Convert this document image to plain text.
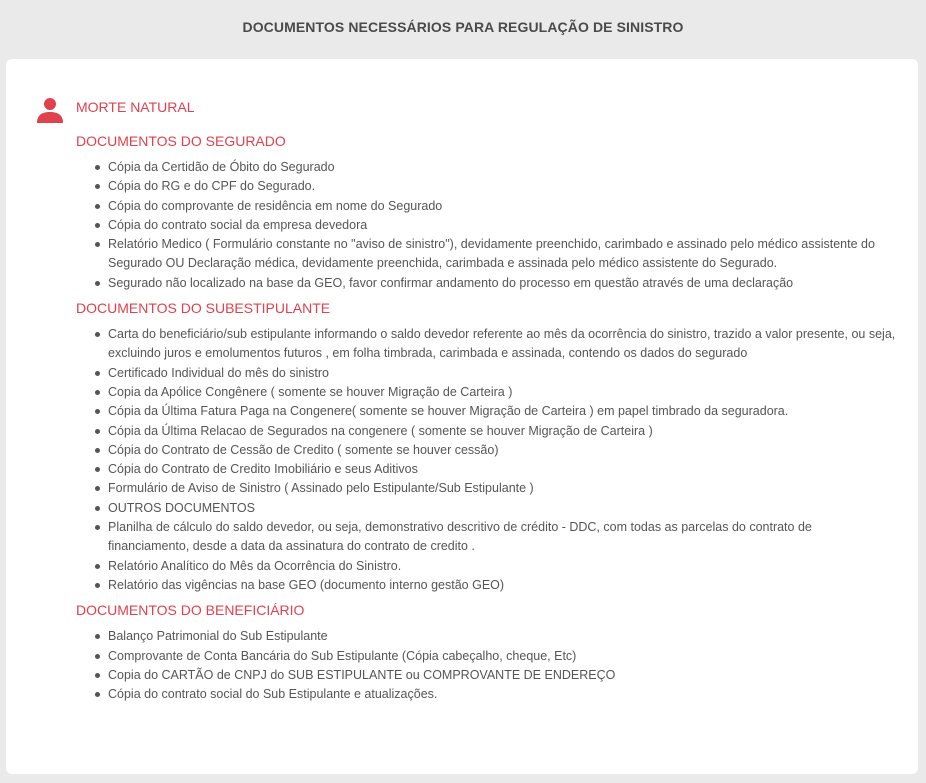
DOCUMENTOS NECESSÁRIOS PARA REGULAÇÃO DE SINISTRO
MORTE NATURAL
DOCUMENTOS DO SEGURADO
Cópia da Certidão de Óbito do Segurado
Cópia do RG e do CPF do Segurado.
Cópia do comprovante de residência em nome do Segurado
Cópia do contrato social da empresa devedora
Relatório Medico ( Formulário constante no "aviso de sinistro"), devidamente preenchido, carimbado e assinado pelo médico assistente do Segurado OU Declaração médica, devidamente preenchida, carimbada e assinada pelo médico assistente do Segurado.
Segurado não localizado na base da GEO, favor confirmar andamento do processo em questão através de uma declaração
DOCUMENTOS DO SUBESTIPULANTE
Carta do beneficiário/sub estipulante informando o saldo devedor referente ao mês da ocorrência do sinistro, trazido a valor presente, ou seja, excluindo juros e emolumentos futuros , em folha timbrada, carimbada e assinada, contendo os dados do segurado
Certificado Individual do mês do sinistro
Copia da Apólice Congênere ( somente se houver Migração de Carteira )
Cópia da Última Fatura Paga na Congenere( somente se houver Migração de Carteira ) em papel timbrado da seguradora.
Cópia da Última Relacao de Segurados na congenere ( somente se houver Migração de Carteira )
Cópia do Contrato de Cessão de Credito ( somente se houver cessão)
Cópia do Contrato de Credito Imobiliário e seus Aditivos
Formulário de Aviso de Sinistro ( Assinado pelo Estipulante/Sub Estipulante )
OUTROS DOCUMENTOS
Planilha de cálculo do saldo devedor, ou seja, demonstrativo descritivo de crédito - DDC, com todas as parcelas do contrato de financiamento, desde a data da assinatura do contrato de credito .
Relatório Analítico do Mês da Ocorrência do Sinistro.
Relatório das vigências na base GEO (documento interno gestão GEO)
DOCUMENTOS DO BENEFICIÁRIO
Balanço Patrimonial do Sub Estipulante
Comprovante de Conta Bancária do Sub Estipulante (Cópia cabeçalho, cheque, Etc)
Copia do CARTÃO de CNPJ do SUB ESTIPULANTE ou COMPROVANTE DE ENDEREÇO
Cópia do contrato social do Sub Estipulante e atualizações.
